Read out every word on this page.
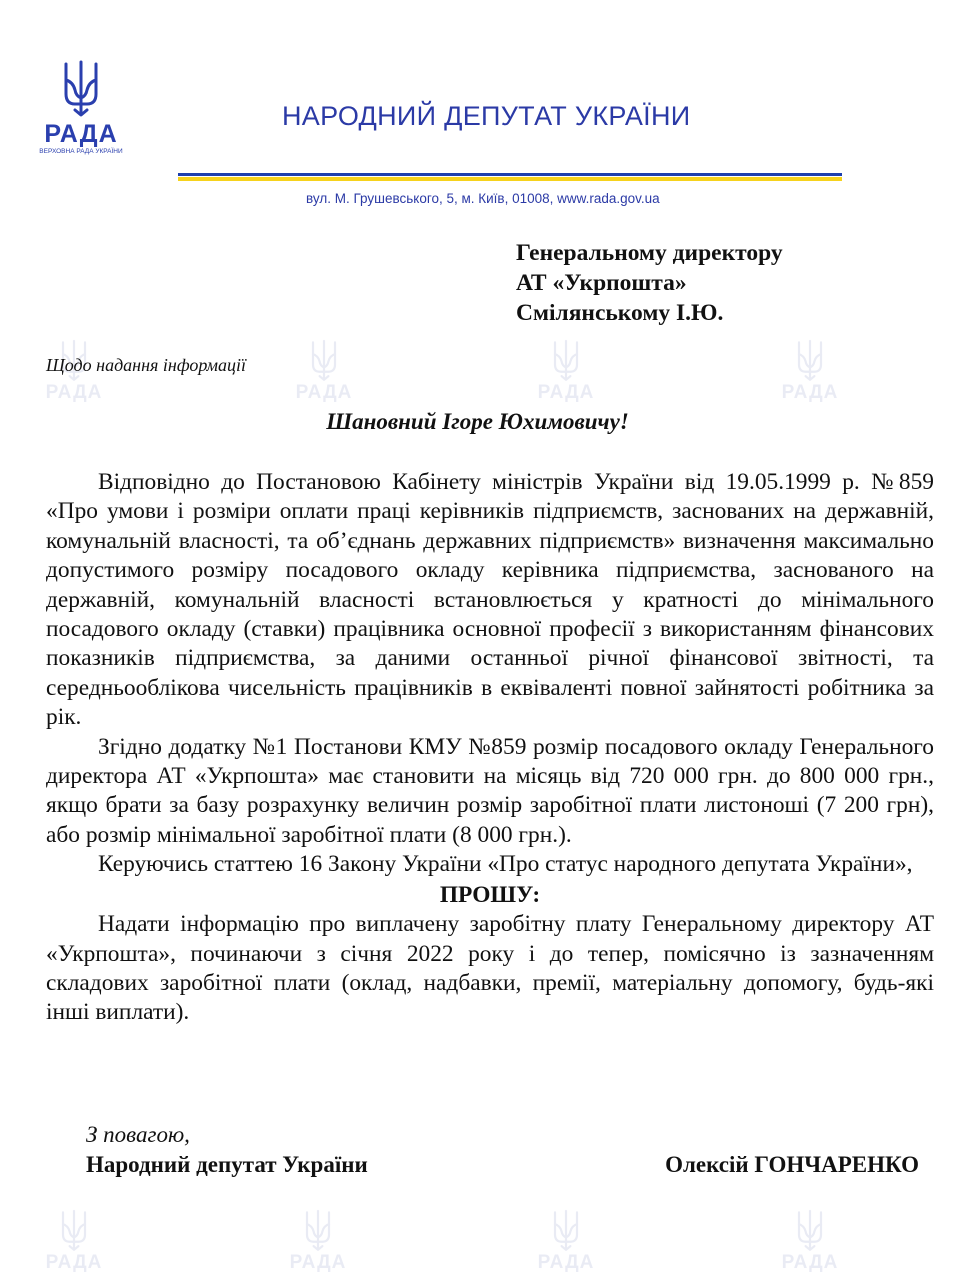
РАДА	РАДА	РАДА
РАДА
РАДА	РАДА	РАДА	РАДА
РАДА
ВЕРХОВНА РАДА УКРАЇНИ
НАРОДНИЙ ДЕПУТАТ УКРАЇНИ
вул. М. Грушевського, 5, м. Київ, 01008, www.rada.gov.ua
Генеральному директору
АТ «Укрпошта»
Смілянському І.Ю.
Щодо надання інформації
Шановний Ігоре Юхимовичу!

Відповідно до Постановою Кабінету міністрів України від 19.05.1999 р. №859 «Про умови і розміри оплати праці керівників підприємств, заснованих на державній, комунальній власності, та об’єднань державних підприємств» визначення максимально допустимого розміру посадового окладу керівника підприємства, заснованого на державній, комунальній власності встановлюється у кратності до мінімального посадового окладу (ставки) працівника основної професії з використанням фінансових показників підприємства, за даними останньої річної фінансової звітності, та середньооблікова чисельність працівників в еквіваленті повної зайнятості робітника за рік.

Згідно додатку №1 Постанови КМУ №859 розмір посадового окладу Генерального директора АТ «Укрпошта» має становити на місяць від 720 000 грн. до 800 000 грн., якщо брати за базу розрахунку величин розмір заробітної плати листоноші (7 200 грн), або розмір мінімальної заробітної плати (8 000 грн.).

Керуючись статтею 16 Закону України «Про статус народного депутата України»,

ПРОШУ:

Надати інформацію про виплачену заробітну плату Генеральному директору АТ «Укрпошта», починаючи з січня 2022 року і до тепер, помісячно із зазначенням складових заробітної плати (оклад, надбавки, премії, матеріальну допомогу, будь-які інші виплати).

З повагою,
Народний депутат України	Олексій ГОНЧАРЕНКО
